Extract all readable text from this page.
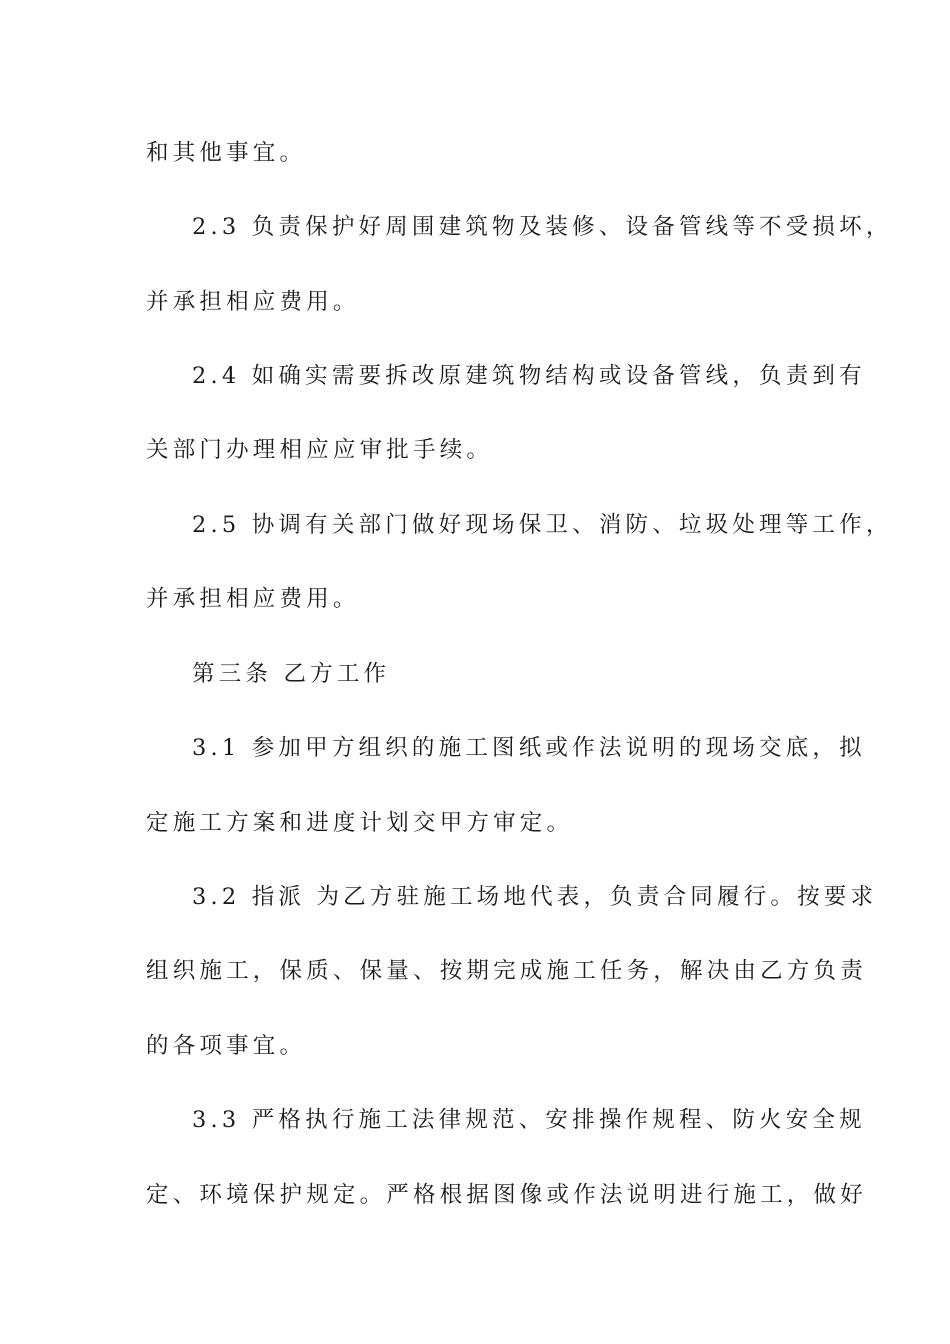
和其他事宜。
2.3 负责保护好周围建筑物及装修、设备管线等不受损坏，
并承担相应费用。
2.4 如确实需要拆改原建筑物结构或设备管线，负责到有
关部门办理相应应审批手续。
2.5 协调有关部门做好现场保卫、消防、垃圾处理等工作，
并承担相应费用。
第三条 乙方工作
3.1 参加甲方组织的施工图纸或作法说明的现场交底，拟
定施工方案和进度计划交甲方审定。
3.2 指派 为乙方驻施工场地代表，负责合同履行。按要求
组织施工，保质、保量、按期完成施工任务，解决由乙方负责
的各项事宜。
3.3 严格执行施工法律规范、安排操作规程、防火安全规
定、环境保护规定。严格根据图像或作法说明进行施工，做好
